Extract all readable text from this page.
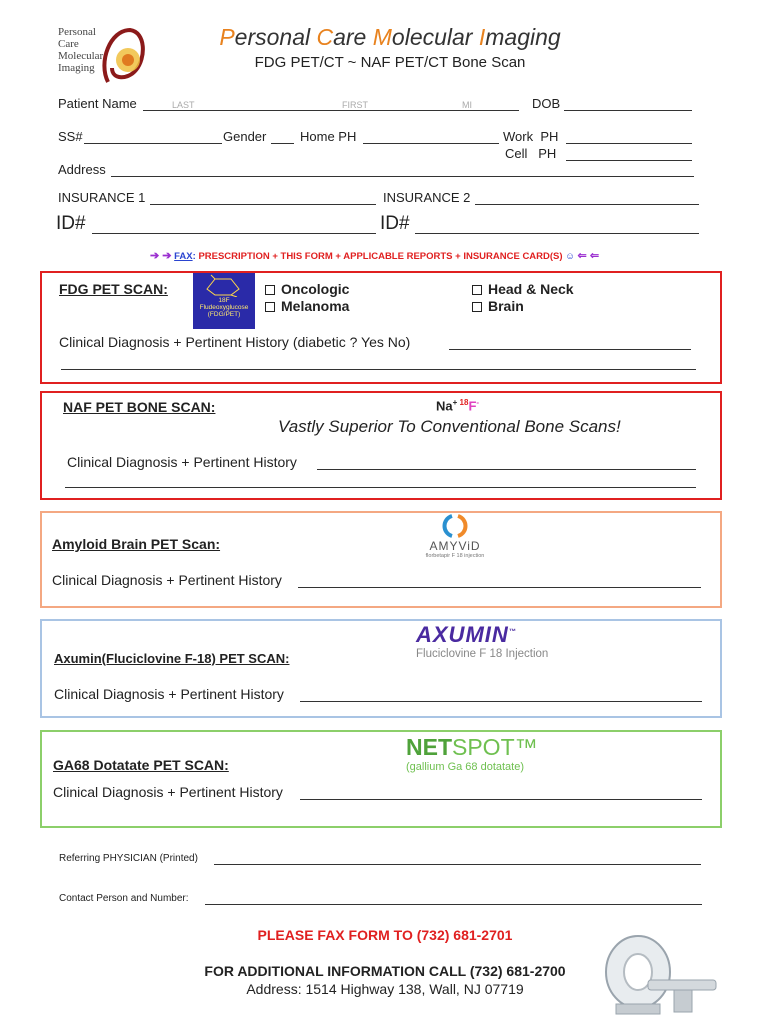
Personal
Care
Molecular
Imaging
Personal Care Molecular Imaging
FDG PET/CT ~ NAF PET/CT Bone Scan
Patient Name	LAST	FIRST	MI	DOB
SS#	Gender	Home PH	Work  PH
Cell   PH
Address
INSURANCE 1	INSURANCE 2
ID#	ID#
➔ ➔ FAX: PRESCRIPTION + THIS FORM + APPLICABLE REPORTS + INSURANCE CARD(S) ☺ ⇐ ⇐
FDG PET SCAN:
18F
Fludeoxyglucose
(FDG/PET)
Oncologic
Melanoma
Head & Neck
Brain
Clinical Diagnosis + Pertinent History (diabetic ? Yes No)
NAF PET BONE SCAN:	$Na^{+ 18}F^-$
Vastly Superior To Conventional Bone Scans!
Clinical Diagnosis + Pertinent History
Amyloid Brain PET Scan:	AMYViD
florbetapir F 18 injection
Clinical Diagnosis + Pertinent History
AXUMIN™
Fluciclovine F 18 Injection
Axumin(Fluciclovine F-18) PET SCAN:
Clinical Diagnosis + Pertinent History
NETSPOT™
(gallium Ga 68 dotatate)
GA68 Dotatate PET SCAN:
Clinical Diagnosis + Pertinent History
Referring PHYSICIAN (Printed)
Contact Person and Number:
PLEASE FAX FORM TO (732) 681-2701
FOR ADDITIONAL INFORMATION CALL (732) 681-2700
Address: 1514 Highway 138, Wall, NJ 07719
